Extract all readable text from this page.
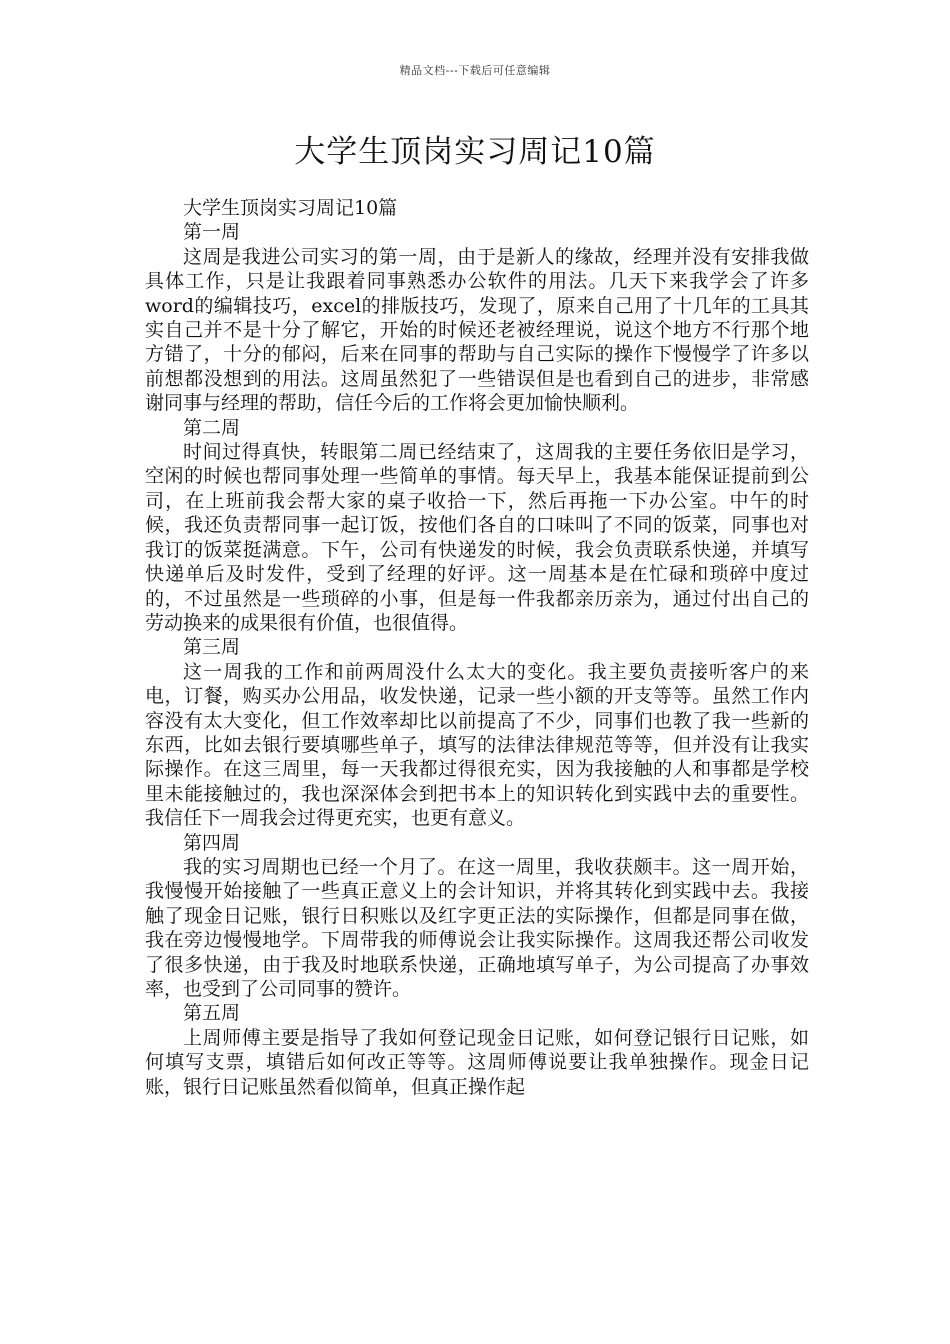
精品文档---下载后可任意编辑
大学生顶岗实习周记10篇

大学生顶岗实习周记10篇

第一周

这周是我进公司实习的第一周，由于是新人的缘故，经理并没有安排我做具体工作，只是让我跟着同事熟悉办公软件的用法。几天下来我学会了许多word的编辑技巧，excel的排版技巧，发现了，原来自己用了十几年的工具其实自己并不是十分了解它，开始的时候还老被经理说，说这个地方不行那个地方错了，十分的郁闷，后来在同事的帮助与自己实际的操作下慢慢学了许多以前想都没想到的用法。这周虽然犯了一些错误但是也看到自己的进步，非常感谢同事与经理的帮助，信任今后的工作将会更加愉快顺利。

第二周

时间过得真快，转眼第二周已经结束了，这周我的主要任务依旧是学习，空闲的时候也帮同事处理一些简单的事情。每天早上，我基本能保证提前到公司，在上班前我会帮大家的桌子收拾一下，然后再拖一下办公室。中午的时候，我还负责帮同事一起订饭，按他们各自的口味叫了不同的饭菜，同事也对我订的饭菜挺满意。下午，公司有快递发的时候，我会负责联系快递，并填写快递单后及时发件，受到了经理的好评。这一周基本是在忙碌和琐碎中度过的，不过虽然是一些琐碎的小事，但是每一件我都亲历亲为，通过付出自己的劳动换来的成果很有价值，也很值得。

第三周

这一周我的工作和前两周没什么太大的变化。我主要负责接听客户的来电，订餐，购买办公用品，收发快递，记录一些小额的开支等等。虽然工作内容没有太大变化，但工作效率却比以前提高了不少，同事们也教了我一些新的东西，比如去银行要填哪些单子，填写的法律法律规范等等，但并没有让我实际操作。在这三周里，每一天我都过得很充实，因为我接触的人和事都是学校里未能接触过的，我也深深体会到把书本上的知识转化到实践中去的重要性。我信任下一周我会过得更充实，也更有意义。

第四周

我的实习周期也已经一个月了。在这一周里，我收获颇丰。这一周开始，我慢慢开始接触了一些真正意义上的会计知识，并将其转化到实践中去。我接触了现金日记账，银行日积账以及红字更正法的实际操作，但都是同事在做，我在旁边慢慢地学。下周带我的师傅说会让我实际操作。这周我还帮公司收发了很多快递，由于我及时地联系快递，正确地填写单子，为公司提高了办事效率，也受到了公司同事的赞许。

第五周

上周师傅主要是指导了我如何登记现金日记账，如何登记银行日记账，如何填写支票，填错后如何改正等等。这周师傅说要让我单独操作。现金日记账，银行日记账虽然看似简单，但真正操作起
